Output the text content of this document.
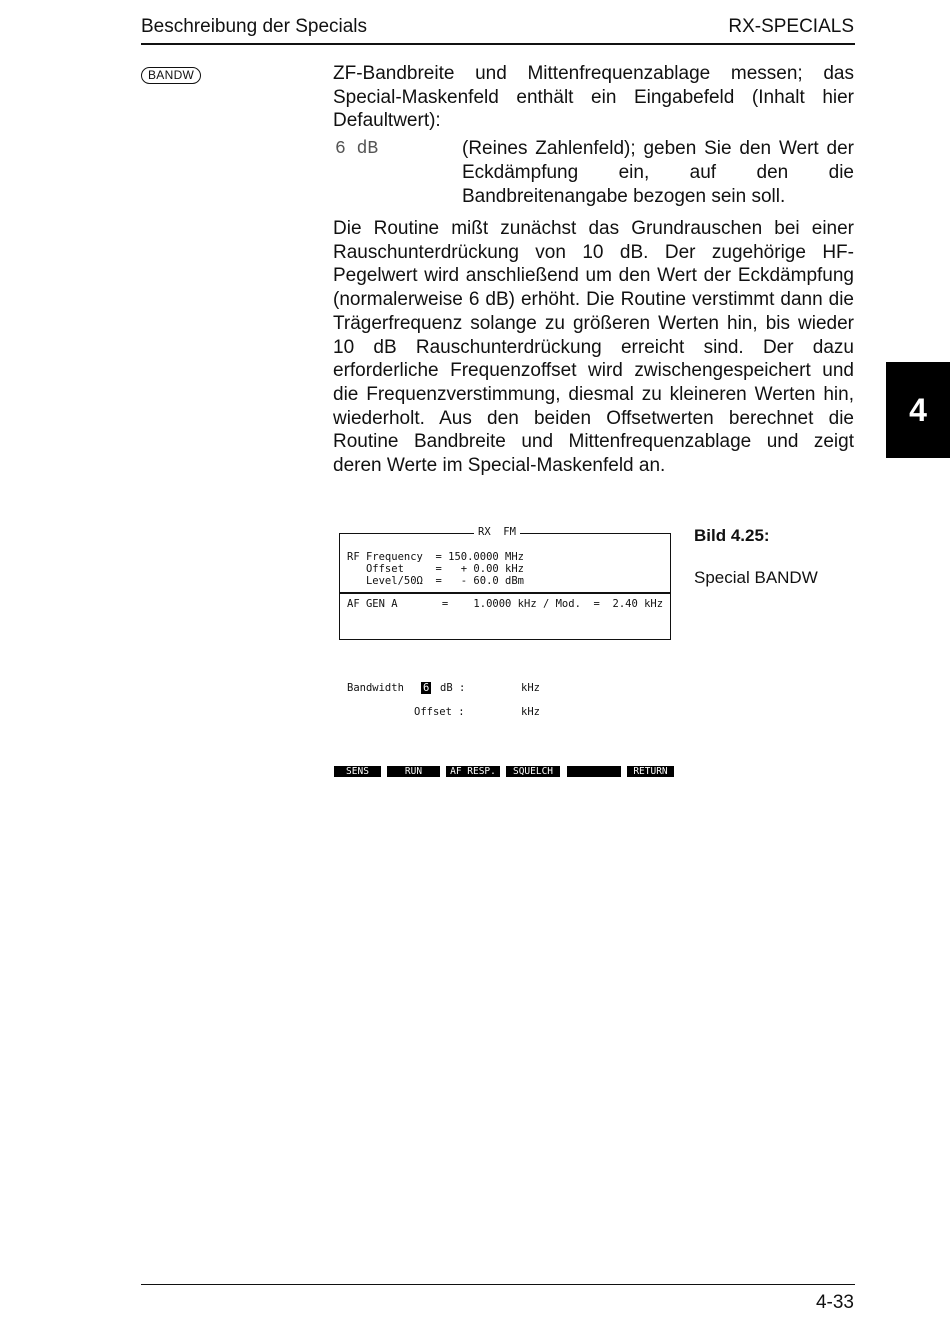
Beschreibung der Specials	RX-SPECIALS
4
BANDW	ZF-Bandbreite und Mittenfrequenzablage messen; das Special-Maskenfeld enthält ein Eingabefeld (Inhalt hier Defaultwert):

6 dB	(Reines Zahlenfeld); geben Sie den Wert der Eckdämpfung ein, auf den die Bandbreitenangabe bezogen sein soll.

Die Routine mißt zunächst das Grundrauschen bei einer Rauschunterdrückung von 10 dB. Der zugehörige HF-Pegelwert wird anschließend um den Wert der Eckdämpfung (normalerweise 6 dB) erhöht. Die Routine verstimmt dann die Trägerfrequenz solange zu größeren Werten hin, bis wieder 10 dB Rauschunterdrückung erreicht sind. Der dazu erforderliche Frequenzoffset wird zwischengespeichert und die Frequenzverstimmung, diesmal zu kleineren Werten hin, wiederholt. Aus den beiden Offsetwerten berechnet die Routine Bandbreite und Mittenfrequenzablage und zeigt deren Werte im Special-Maskenfeld an.

RX  FM
RF Frequency  = 150.0000 MHz
Offset     =   + 0.00 kHz
Level/50Ω  =   - 60.0 dBm
AF GEN A       =    1.0000 kHz / Mod.  =  2.40 kHz
Bandwidth 6 dB :	kHz
Offset :	kHz
SENS	RUN	AF RESP.	SQUELCH	RETURN
Bild 4.25:
Special BANDW
4-33
